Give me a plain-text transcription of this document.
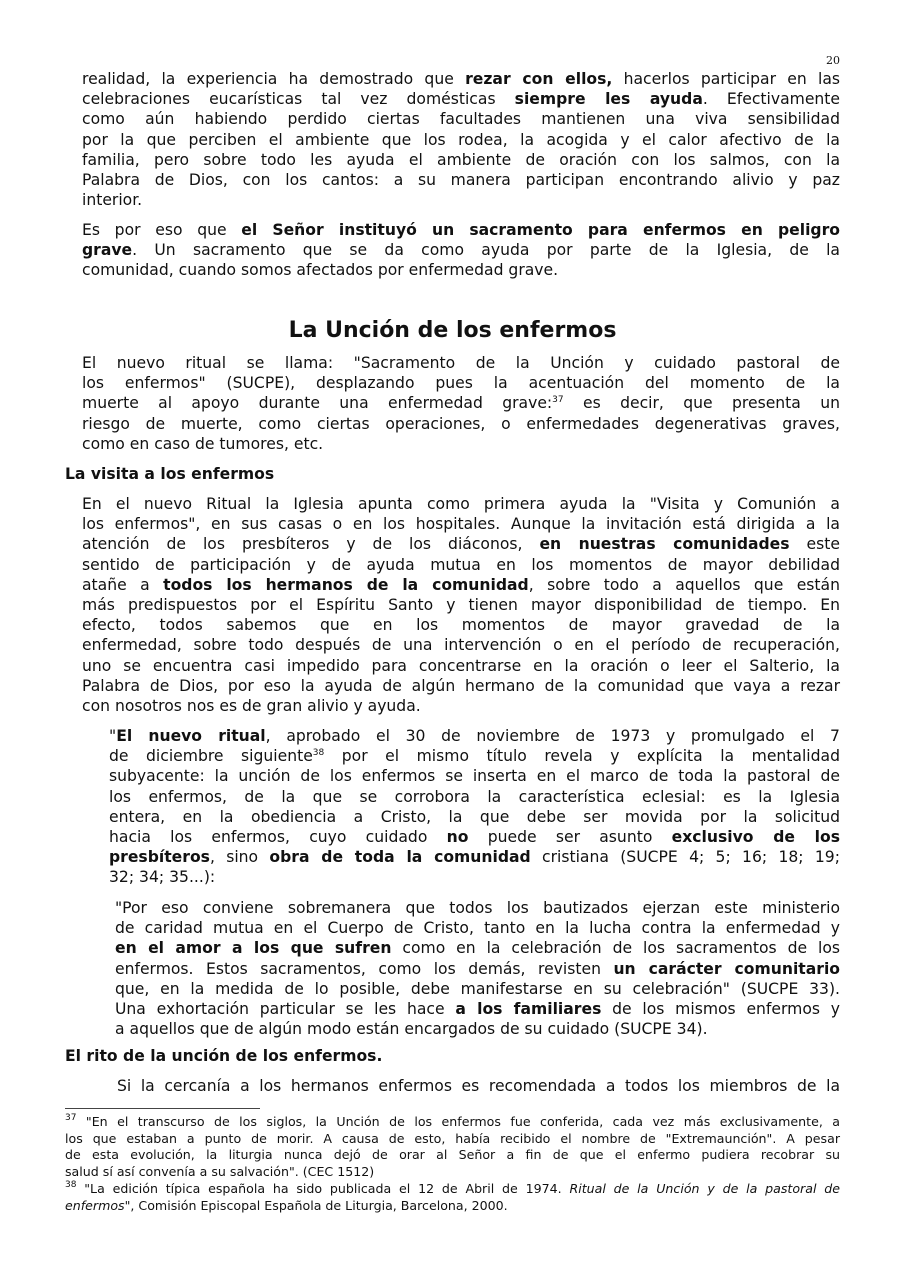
20
realidad, la experiencia ha demostrado que rezar con ellos, hacerlos participar en las
celebraciones eucarísticas tal vez domésticas siempre les ayuda. Efectivamente
como aún habiendo perdido ciertas facultades mantienen una viva sensibilidad
por la que perciben el ambiente que los rodea, la acogida y el calor afectivo de la
familia, pero sobre todo les ayuda el ambiente de oración con los salmos, con la
Palabra de Dios, con los cantos: a su manera participan encontrando alivio y paz
interior.
Es por eso que el Señor instituyó un sacramento para enfermos en peligro
grave. Un sacramento que se da como ayuda por parte de la Iglesia, de la
comunidad, cuando somos afectados por enfermedad grave.
La Unción de los enfermos
El nuevo ritual se llama: "Sacramento de la Unción y cuidado pastoral de
los enfermos" (SUCPE), desplazando pues la acentuación del momento de la
muerte al apoyo durante una enfermedad grave:$^{37}$ es decir, que presenta un
riesgo de muerte, como ciertas operaciones, o enfermedades degenerativas graves,
como en caso de tumores, etc.
La visita a los enfermos
En el nuevo Ritual la Iglesia apunta como primera ayuda la "Visita y Comunión a
los enfermos", en sus casas o en los hospitales. Aunque la invitación está dirigida a la
atención de los presbíteros y de los diáconos, en nuestras comunidades este
sentido de participación y de ayuda mutua en los momentos de mayor debilidad
atañe a todos los hermanos de la comunidad, sobre todo a aquellos que están
más predispuestos por el Espíritu Santo y tienen mayor disponibilidad de tiempo. En
efecto, todos sabemos que en los momentos de mayor gravedad de la
enfermedad, sobre todo después de una intervención o en el período de recuperación,
uno se encuentra casi impedido para concentrarse en la oración o leer el Salterio, la
Palabra de Dios, por eso la ayuda de algún hermano de la comunidad que vaya a rezar
con nosotros nos es de gran alivio y ayuda.
"El nuevo ritual, aprobado el 30 de noviembre de 1973 y promulgado el 7
de diciembre siguiente$^{38}$ por el mismo título revela y explícita la mentalidad
subyacente: la unción de los enfermos se inserta en el marco de toda la pastoral de
los enfermos, de la que se corrobora la característica eclesial: es la Iglesia
entera, en la obediencia a Cristo, la que debe ser movida por la solicitud
hacia los enfermos, cuyo cuidado no puede ser asunto exclusivo de los
presbíteros, sino obra de toda la comunidad cristiana (SUCPE 4; 5; 16; 18; 19;
32; 34; 35...):
"Por eso conviene sobremanera que todos los bautizados ejerzan este ministerio
de caridad mutua en el Cuerpo de Cristo, tanto en la lucha contra la enfermedad y
en el amor a los que sufren como en la celebración de los sacramentos de los
enfermos. Estos sacramentos, como los demás, revisten un carácter comunitario
que, en la medida de lo posible, debe manifestarse en su celebración" (SUCPE 33).
Una exhortación particular se les hace a los familiares de los mismos enfermos y
a aquellos que de algún modo están encargados de su cuidado (SUCPE 34).
El rito de la unción de los enfermos.
Si la cercanía a los hermanos enfermos es recomendada a todos los miembros de la
$^{37}$ "En el transcurso de los siglos, la Unción de los enfermos fue conferida, cada vez más exclusivamente, a
los que estaban a punto de morir. A causa de esto, había recibido el nombre de "Extremaunción". A pesar
de esta evolución, la liturgia nunca dejó de orar al Señor a fin de que el enfermo pudiera recobrar su
salud sí así convenía a su salvación". (CEC 1512)
$^{38}$ "La edición típica española ha sido publicada el 12 de Abril de 1974. Ritual de la Unción y de la pastoral de
enfermos", Comisión Episcopal Española de Liturgia, Barcelona, 2000.
